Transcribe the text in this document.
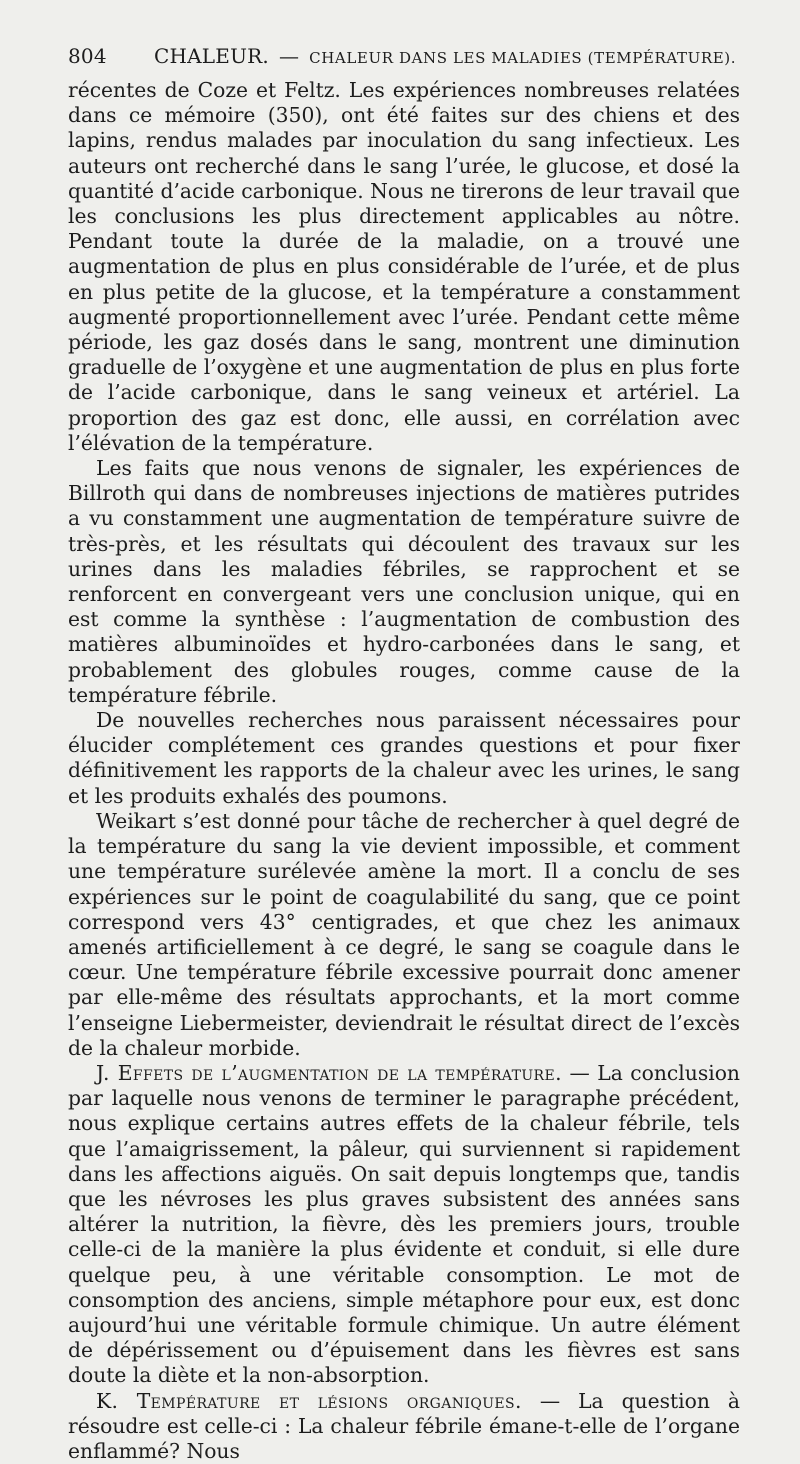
804	CHALEUR. — CHALEUR DANS LES MALADIES (TEMPÉRATURE).

récentes de Coze et Feltz. Les expériences nombreuses relatées dans ce mémoire (350), ont été faites sur des chiens et des lapins, rendus malades par inoculation du sang infectieux. Les auteurs ont recherché dans le sang l’urée, le glucose, et dosé la quantité d’acide carbonique. Nous ne tirerons de leur travail que les conclusions les plus directement applicables au nôtre. Pendant toute la durée de la maladie, on a trouvé une augmentation de plus en plus considérable de l’urée, et de plus en plus petite de la glucose, et la température a constamment augmenté proportionnellement avec l’urée. Pendant cette même période, les gaz dosés dans le sang, montrent une diminution graduelle de l’oxygène et une augmentation de plus en plus forte de l’acide carbonique, dans le sang veineux et artériel. La proportion des gaz est donc, elle aussi, en corrélation avec l’élévation de la température.

Les faits que nous venons de signaler, les expériences de Billroth qui dans de nombreuses injections de matières putrides a vu constamment une augmentation de température suivre de très-près, et les résultats qui découlent des travaux sur les urines dans les maladies fébriles, se rapprochent et se renforcent en convergeant vers une conclusion unique, qui en est comme la synthèse : l’augmentation de combustion des matières albuminoïdes et hydro-carbonées dans le sang, et probablement des globules rouges, comme cause de la température fébrile.

De nouvelles recherches nous paraissent nécessaires pour élucider complétement ces grandes questions et pour fixer définitivement les rapports de la chaleur avec les urines, le sang et les produits exhalés des poumons.

Weikart s’est donné pour tâche de rechercher à quel degré de la température du sang la vie devient impossible, et comment une température surélevée amène la mort. Il a conclu de ses expériences sur le point de coagulabilité du sang, que ce point correspond vers 43° centigrades, et que chez les animaux amenés artificiellement à ce degré, le sang se coagule dans le cœur. Une température fébrile excessive pourrait donc amener par elle-même des résultats approchants, et la mort comme l’enseigne Liebermeister, deviendrait le résultat direct de l’excès de la chaleur morbide.

J. Effets de l’augmentation de la température. — La conclusion par laquelle nous venons de terminer le paragraphe précédent, nous explique certains autres effets de la chaleur fébrile, tels que l’amaigrissement, la pâleur, qui surviennent si rapidement dans les affections aiguës. On sait depuis longtemps que, tandis que les névroses les plus graves subsistent des années sans altérer la nutrition, la fièvre, dès les premiers jours, trouble celle-ci de la manière la plus évidente et conduit, si elle dure quelque peu, à une véritable consomption. Le mot de consomption des anciens, simple métaphore pour eux, est donc aujourd’hui une véritable formule chimique. Un autre élément de dépérissement ou d’épuisement dans les fièvres est sans doute la diète et la non-absorption.

K. Température et lésions organiques. — La question à résoudre est celle-ci : La chaleur fébrile émane-t-elle de l’organe enflammé? Nous
